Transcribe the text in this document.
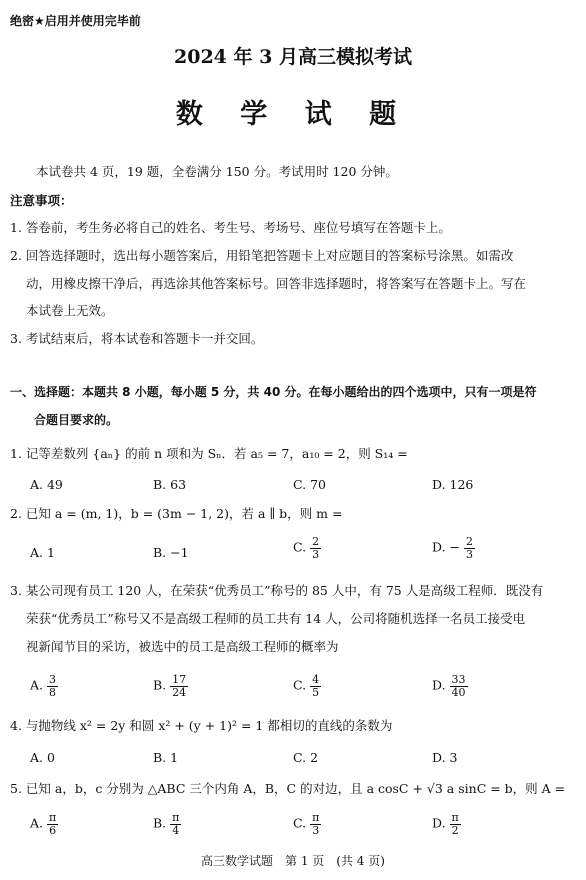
绝密★启用并使用完毕前
2024 年 3 月高三模拟考试
数 学 试 题
本试卷共 4 页，19 题，全卷满分 150 分。考试用时 120 分钟。
注意事项：
1. 答卷前，考生务必将自己的姓名、考生号、考场号、座位号填写在答题卡上。
2. 回答选择题时，选出每小题答案后，用铅笔把答题卡上对应题目的答案标号涂黑。如需改
动，用橡皮擦干净后，再选涂其他答案标号。回答非选择题时，将答案写在答题卡上。写在
本试卷上无效。
3. 考试结束后，将本试卷和答题卡一并交回。
一、选择题：本题共 8 小题，每小题 5 分，共 40 分。在每小题给出的四个选项中，只有一项是符
合题目要求的。
1. 记等差数列 {aₙ} 的前 n 项和为 Sₙ．若 a₅ = 7，a₁₀ = 2，则 S₁₄ =
A. 49	B. 63	C. 70	D. 126
2. 已知 a = (m, 1)，b = (3m − 1, 2)，若 a ∥ b，则 m =
A. 1	B. −1	C. $\frac{2}{3}$	D. − $\frac{2}{3}$
3. 某公司现有员工 120 人，在荣获“优秀员工”称号的 85 人中，有 75 人是高级工程师．既没有
荣获“优秀员工”称号又不是高级工程师的员工共有 14 人，公司将随机选择一名员工接受电
视新闻节目的采访，被选中的员工是高级工程师的概率为
A. $\frac{3}{8}$	B. $\frac{17}{24}$	C. $\frac{4}{5}$	D. $\frac{33}{40}$
4. 与抛物线 x² = 2y 和圆 x² + (y + 1)² = 1 都相切的直线的条数为
A. 0	B. 1	C. 2	D. 3
5. 已知 a，b，c 分别为 △ABC 三个内角 A，B，C 的对边，且 a cosC + √3 a sinC = b，则 A =
A. $\frac{\pi}{6}$	B. $\frac{\pi}{4}$	C. $\frac{\pi}{3}$	D. $\frac{\pi}{2}$
高三数学试题　第 1 页　(共 4 页)
